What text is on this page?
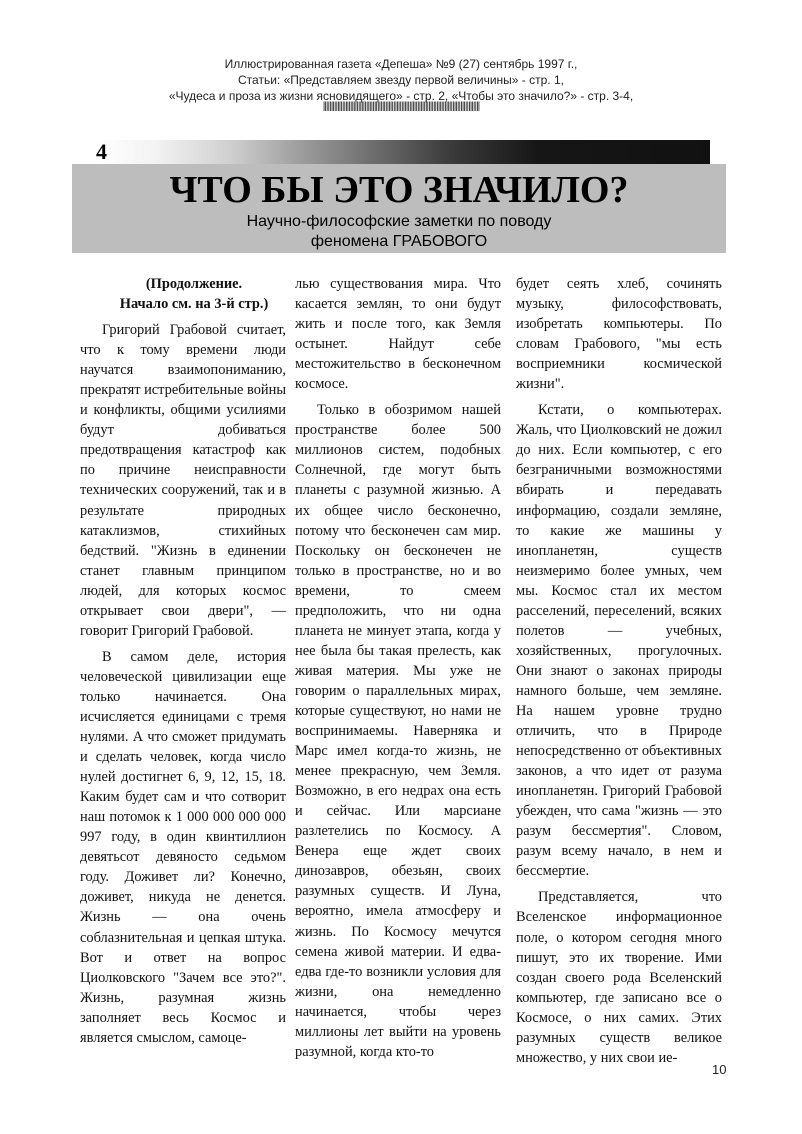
Иллюстрированная газета «Депеша» №9 (27) сентябрь 1997 г.,
Статьи: «Представляем звезду первой величины» - стр. 1,
«Чудеса и проза из жизни ясновидящего» - стр. 2, «Чтобы это значило?» - стр. 3-4,
||||||||||||||||||||||||||||||||||||||||||||||||||||||||||||||||||||||||||||||||||||||||||||||||||
4
ЧТО БЫ ЭТО ЗНАЧИЛО?
Научно-философские заметки по поводу
феномена ГРАБОВОГО

(Продолжение.

Начало см. на 3-й стр.)

Григорий Грабовой считает, что к тому времени люди научатся взаимопониманию, прекратят истребительные войны и конфликты, общими усилиями будут добиваться предотвращения катастроф как по причине неисправности технических сооружений, так и в результате природных катаклизмов, стихийных бедствий. "Жизнь в единении станет главным принципом людей, для которых космос открывает свои двери", — говорит Григорий Грабовой.

В самом деле, история человеческой цивилизации еще только начинается. Она исчисляется единицами с тремя нулями. А что сможет придумать и сделать человек, когда число нулей достигнет 6, 9, 12, 15, 18. Каким будет сам и что сотворит наш потомок к 1 000 000 000 000 997 году, в один квинтиллион девятьсот девяносто седьмом году. Доживет ли? Конечно, доживет, никуда не денется. Жизнь — она очень соблазнительная и цепкая штука. Вот и ответ на вопрос Циолковского "Зачем все это?". Жизнь, разумная жизнь заполняет весь Космос и является смыслом, самоце-

лью существования мира. Что касается землян, то они будут жить и после того, как Земля остынет. Найдут себе местожительство в бесконечном космосе.

Только в обозримом нашей пространстве более 500 миллионов систем, подобных Солнечной, где могут быть планеты с разумной жизнью. А их общее число бесконечно, потому что бесконечен сам мир. Поскольку он бесконечен не только в пространстве, но и во времени, то смеем предположить, что ни одна планета не минует этапа, когда у нее была бы такая прелесть, как живая материя. Мы уже не говорим о параллельных мирах, которые существуют, но нами не воспринимаемы. Наверняка и Марс имел когда-то жизнь, не менее прекрасную, чем Земля. Возможно, в его недрах она есть и сейчас. Или марсиане разлетелись по Космосу. А Венера еще ждет своих динозавров, обезьян, своих разумных существ. И Луна, вероятно, имела атмосферу и жизнь. По Космосу мечутся семена живой материи. И едва-едва где-то возникли условия для жизни, она немедленно начинается, чтобы через миллионы лет выйти на уровень разумной, когда кто-то

будет сеять хлеб, сочинять музыку, философствовать, изобретать компьютеры. По словам Грабового, "мы есть восприемники космической жизни".

Кстати, о компьютерах. Жаль, что Циолковский не дожил до них. Если компьютер, с его безграничными возможностями вбирать и передавать информацию, создали земляне, то какие же машины у инопланетян, существ неизмеримо более умных, чем мы. Космос стал их местом расселений, переселений, всяких полетов — учебных, хозяйственных, прогулочных. Они знают о законах природы намного больше, чем земляне. На нашем уровне трудно отличить, что в Природе непосредственно от объективных законов, а что идет от разума инопланетян. Григорий Грабовой убежден, что сама "жизнь — это разум бессмертия". Словом, разум всему начало, в нем и бессмертие.

Представляется, что Вселенское информационное поле, о котором сегодня много пишут, это их творение. Ими создан своего рода Вселенский компьютер, где записано все о Космосе, о них самих. Этих разумных существ великое множество, у них свои ие-

10
